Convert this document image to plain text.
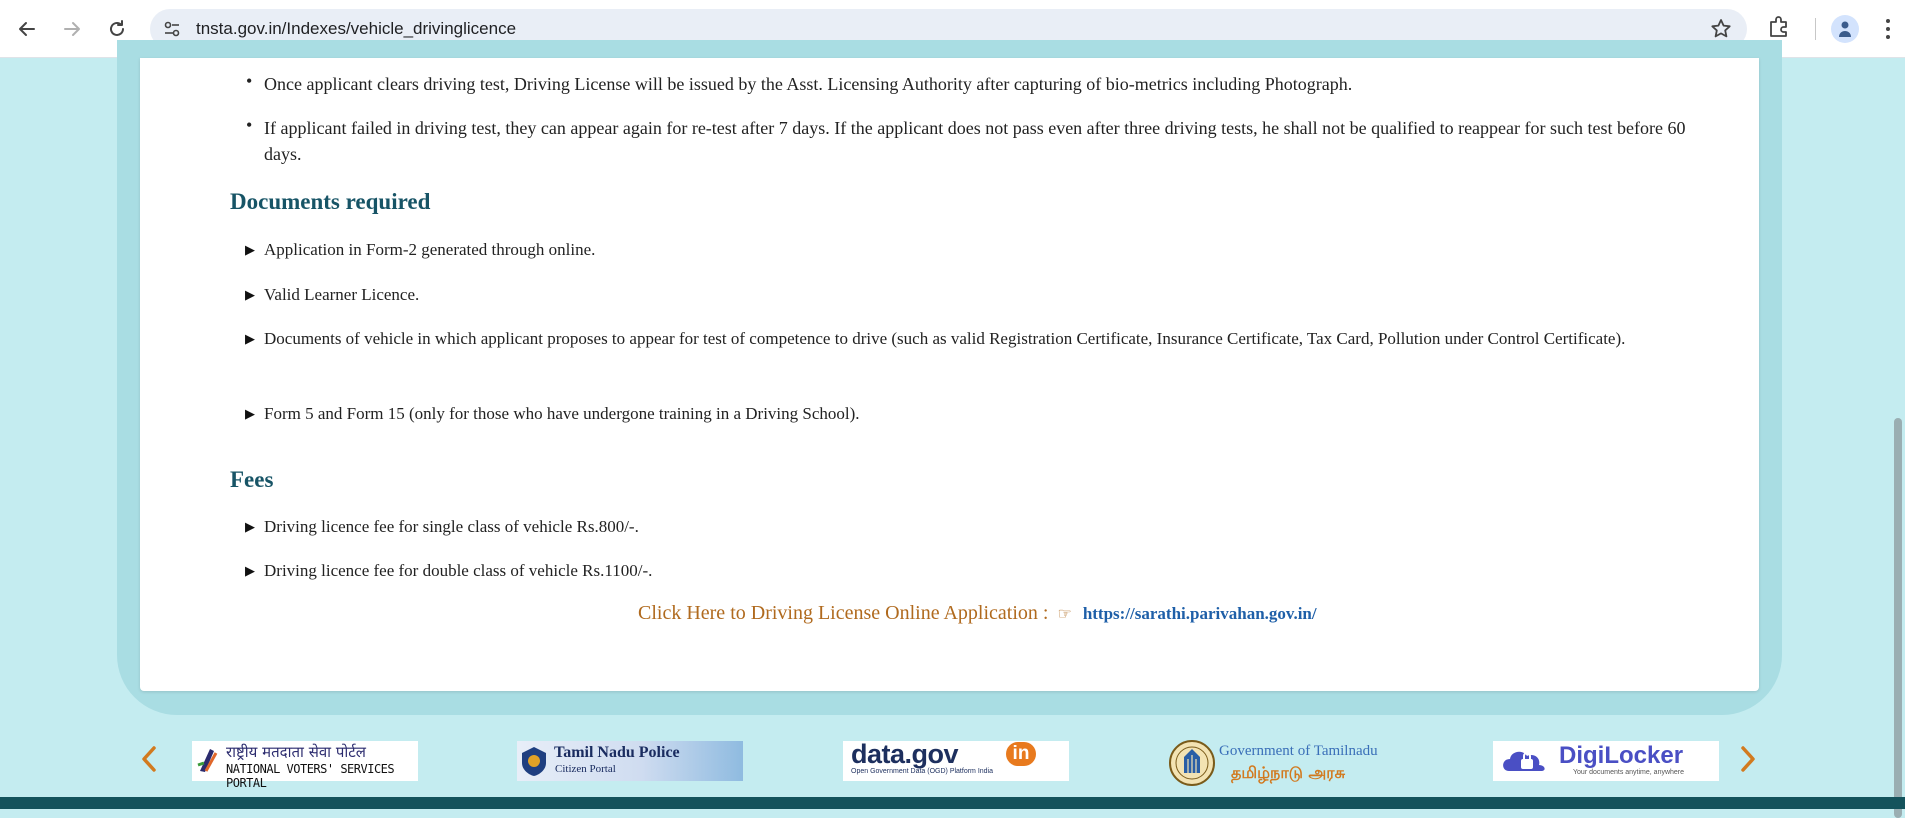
tnsta.gov.in/Indexes/vehicle_drivinglicence
• Once applicant clears driving test, Driving License will be issued by the Asst. Licensing Authority after capturing of bio-metrics including Photograph.
• If applicant failed in driving test, they can appear again for re-test after 7 days. If the applicant does not pass even after three driving tests, he shall not be qualified to reappear for such test before 60 days.
Documents required
▶ Application in Form-2 generated through online.
▶ Valid Learner Licence.
▶ Documents of vehicle in which applicant proposes to appear for test of competence to drive (such as valid Registration Certificate, Insurance Certificate, Tax Card, Pollution under Control Certificate).
▶ Form 5 and Form 15 (only for those who have undergone training in a Driving School).
Fees
▶ Driving licence fee for single class of vehicle Rs.800/-.
▶ Driving licence fee for double class of vehicle Rs.1100/-.
Click Here to Driving License Online Application : ☞ https://sarathi.parivahan.gov.in/
राष्ट्रीय मतदाता सेवा पोर्टल
NATIONAL VOTERS' SERVICES PORTAL
Tamil Nadu Police
Citizen Portal	data.gov	in
Open Government Data (OGD) Platform India
Government of Tamilnadu
தமிழ்நாடு அரசு
DigiLocker
Your documents anytime, anywhere
